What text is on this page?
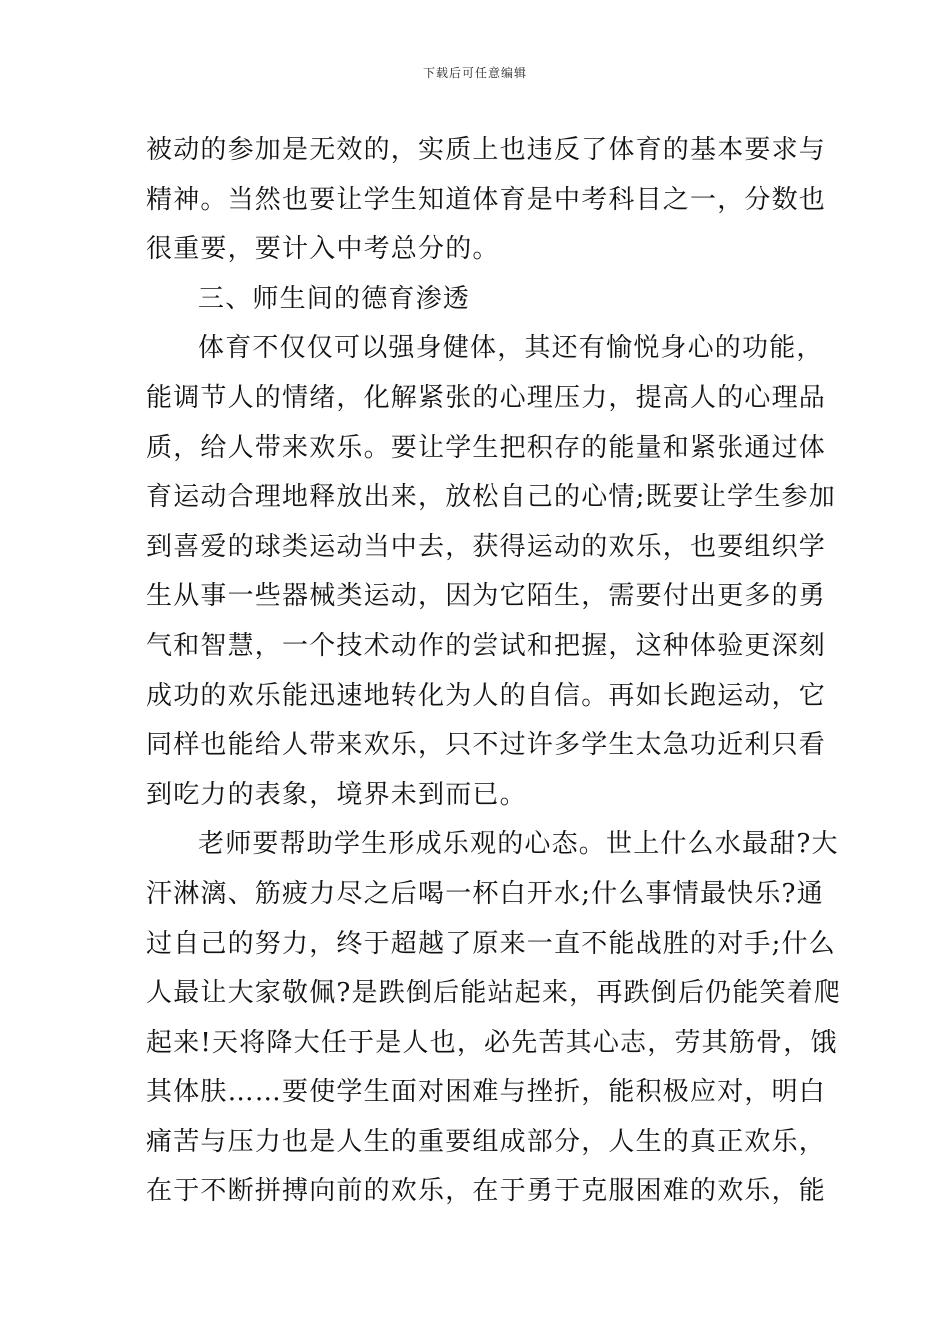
下载后可任意编辑
被动的参加是无效的，实质上也违反了体育的基本要求与
精神。当然也要让学生知道体育是中考科目之一，分数也
很重要，要计入中考总分的。
三、师生间的德育渗透
体育不仅仅可以强身健体，其还有愉悦身心的功能，
能调节人的情绪，化解紧张的心理压力，提高人的心理品
质，给人带来欢乐。要让学生把积存的能量和紧张通过体
育运动合理地释放出来，放松自己的心情;既要让学生参加
到喜爱的球类运动当中去，获得运动的欢乐，也要组织学
生从事一些器械类运动，因为它陌生，需要付出更多的勇
气和智慧，一个技术动作的尝试和把握，这种体验更深刻
成功的欢乐能迅速地转化为人的自信。再如长跑运动，它
同样也能给人带来欢乐，只不过许多学生太急功近利只看
到吃力的表象，境界未到而已。
老师要帮助学生形成乐观的心态。世上什么水最甜?大
汗淋漓、筋疲力尽之后喝一杯白开水;什么事情最快乐?通
过自己的努力，终于超越了原来一直不能战胜的对手;什么
人最让大家敬佩?是跌倒后能站起来，再跌倒后仍能笑着爬
起来!天将降大任于是人也，必先苦其心志，劳其筋骨，饿
其体肤……要使学生面对困难与挫折，能积极应对，明白
痛苦与压力也是人生的重要组成部分，人生的真正欢乐，
在于不断拼搏向前的欢乐，在于勇于克服困难的欢乐，能
